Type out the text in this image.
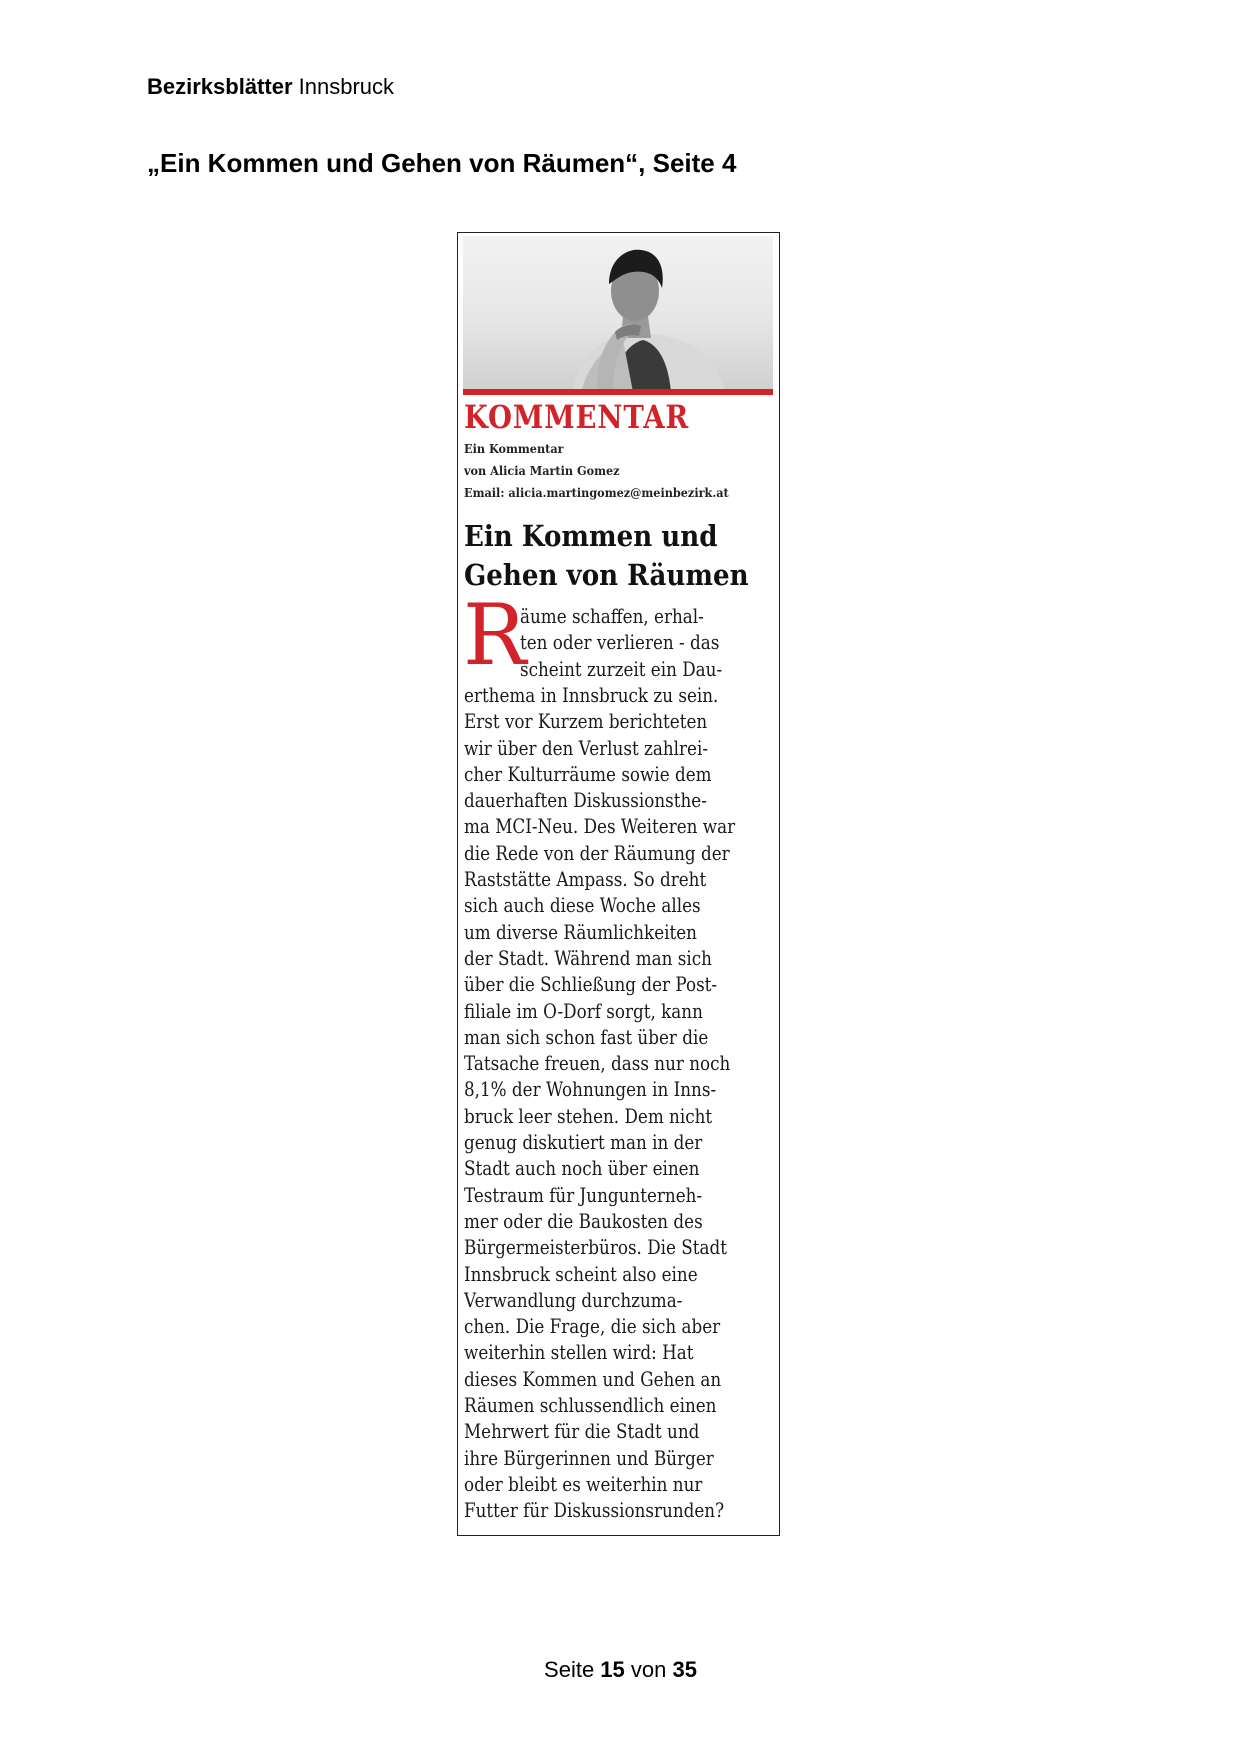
Bezirksblätter Innsbruck
„Ein Kommen und Gehen von Räumen“, Seite 4
KOMMENTAR
Ein Kommentar
von Alicia Martin Gomez
Email: alicia.martingomez@meinbezirk.at
Ein Kommen und
Gehen von Räumen
R
äume schaffen, erhal-
ten oder verlieren - das
scheint zurzeit ein Dau-
erthema in Innsbruck zu sein.
Erst vor Kurzem berichteten
wir über den Verlust zahlrei-
cher Kulturräume sowie dem
dauerhaften Diskussionsthe-
ma MCI-Neu. Des Weiteren war
die Rede von der Räumung der
Raststätte Ampass. So dreht
sich auch diese Woche alles
um diverse Räumlichkeiten
der Stadt. Während man sich
über die Schließung der Post-
filiale im O-Dorf sorgt, kann
man sich schon fast über die
Tatsache freuen, dass nur noch
8,1% der Wohnungen in Inns-
bruck leer stehen. Dem nicht
genug diskutiert man in der
Stadt auch noch über einen
Testraum für Jungunterneh-
mer oder die Baukosten des
Bürgermeisterbüros. Die Stadt
Innsbruck scheint also eine
Verwandlung durchzuma-
chen. Die Frage, die sich aber
weiterhin stellen wird: Hat
dieses Kommen und Gehen an
Räumen schlussendlich einen
Mehrwert für die Stadt und
ihre Bürgerinnen und Bürger
oder bleibt es weiterhin nur
Futter für Diskussionsrunden?
Seite 15 von 35
